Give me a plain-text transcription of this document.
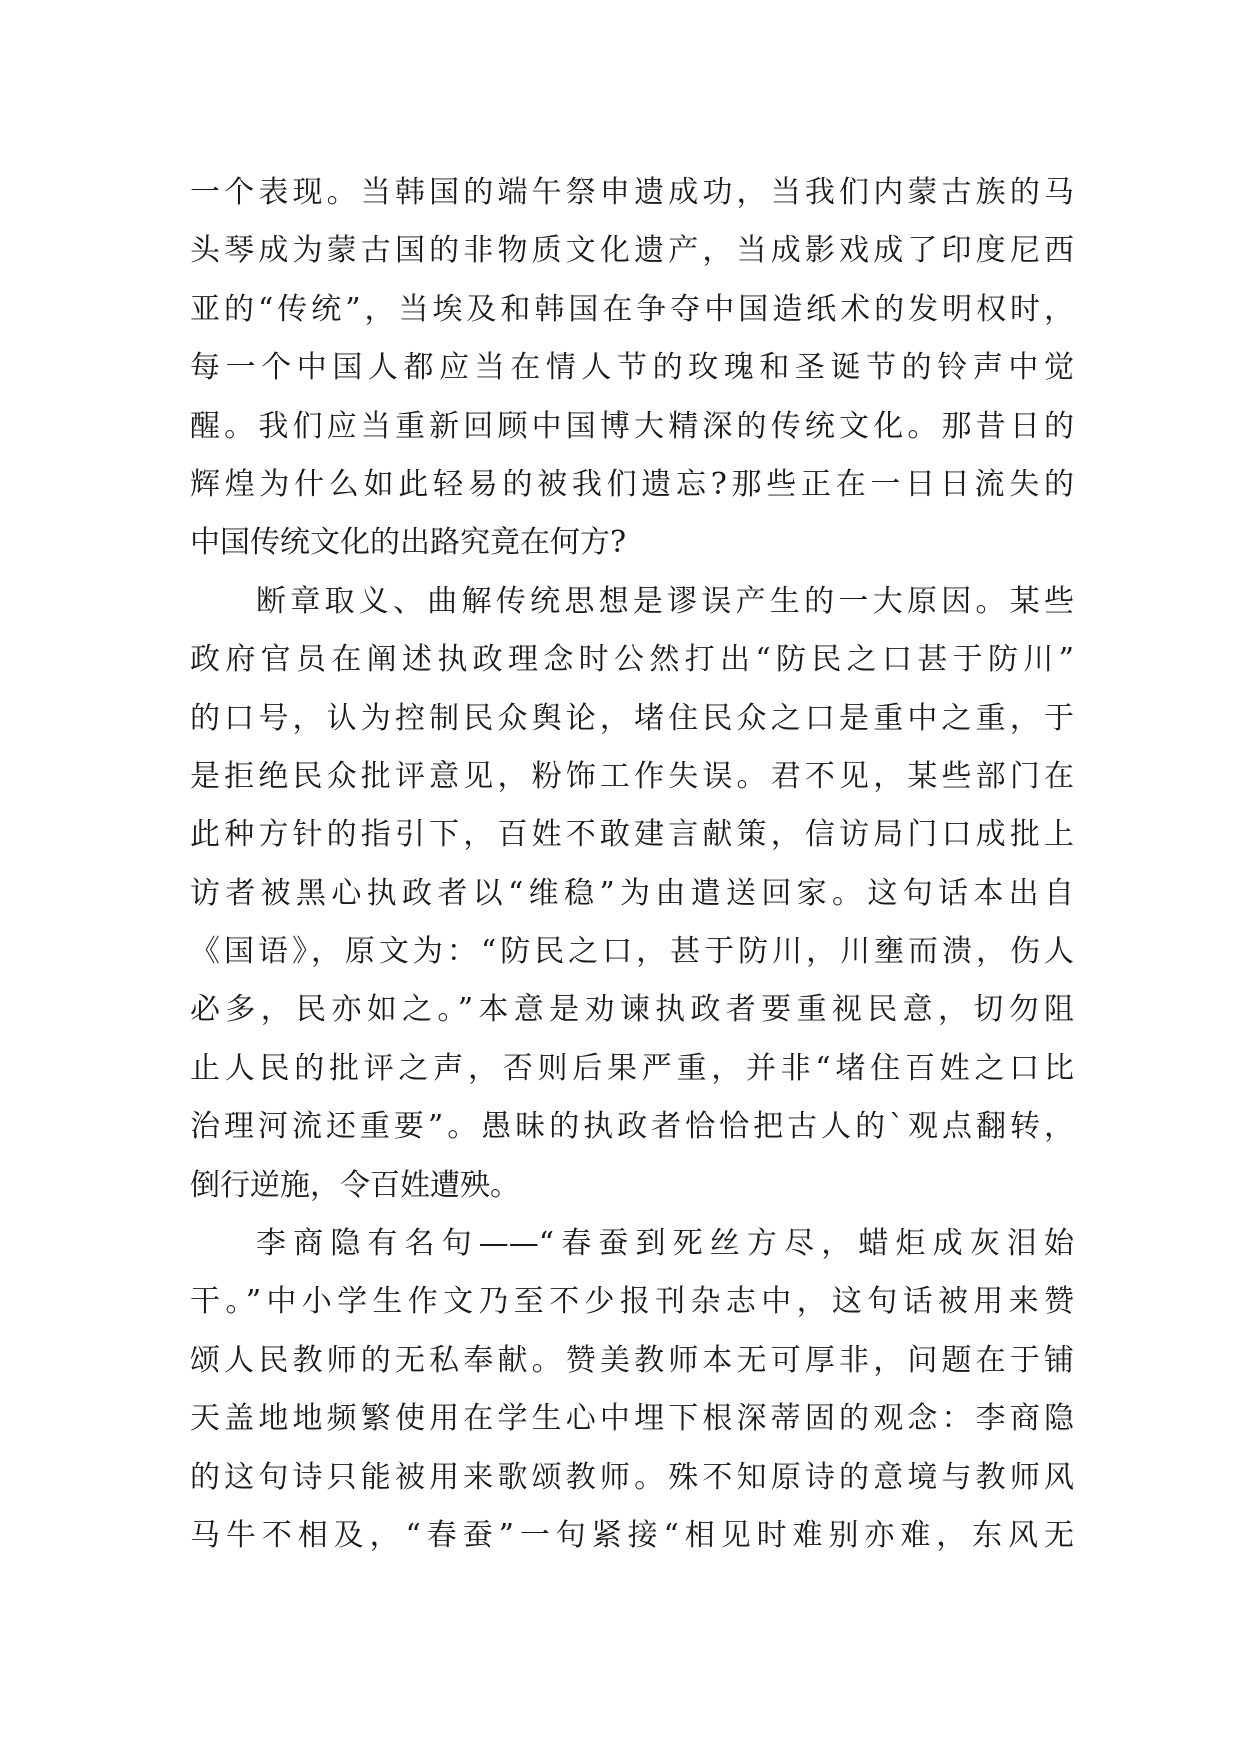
一个表现。当韩国的端午祭申遗成功，当我们内蒙古族的马
头琴成为蒙古国的非物质文化遗产，当成影戏成了印度尼西
亚的“传统”，当埃及和韩国在争夺中国造纸术的发明权时，
每一个中国人都应当在情人节的玫瑰和圣诞节的铃声中觉
醒。我们应当重新回顾中国博大精深的传统文化。那昔日的
辉煌为什么如此轻易的被我们遗忘?那些正在一日日流失的
中国传统文化的出路究竟在何方?
断章取义、曲解传统思想是谬误产生的一大原因。某些
政府官员在阐述执政理念时公然打出“防民之口甚于防川”
的口号，认为控制民众舆论，堵住民众之口是重中之重，于
是拒绝民众批评意见，粉饰工作失误。君不见，某些部门在
此种方针的指引下，百姓不敢建言献策，信访局门口成批上
访者被黑心执政者以“维稳”为由遣送回家。这句话本出自
《国语》，原文为：“防民之口，甚于防川，川壅而溃，伤人
必多，民亦如之。”本意是劝谏执政者要重视民意，切勿阻
止人民的批评之声，否则后果严重，并非“堵住百姓之口比
治理河流还重要”。愚昧的执政者恰恰把古人的`观点翻转，
倒行逆施，令百姓遭殃。
李商隐有名句——“春蚕到死丝方尽，蜡炬成灰泪始
干。”中小学生作文乃至不少报刊杂志中，这句话被用来赞
颂人民教师的无私奉献。赞美教师本无可厚非，问题在于铺
天盖地地频繁使用在学生心中埋下根深蒂固的观念：李商隐
的这句诗只能被用来歌颂教师。殊不知原诗的意境与教师风
马牛不相及，“春蚕”一句紧接“相见时难别亦难，东风无
